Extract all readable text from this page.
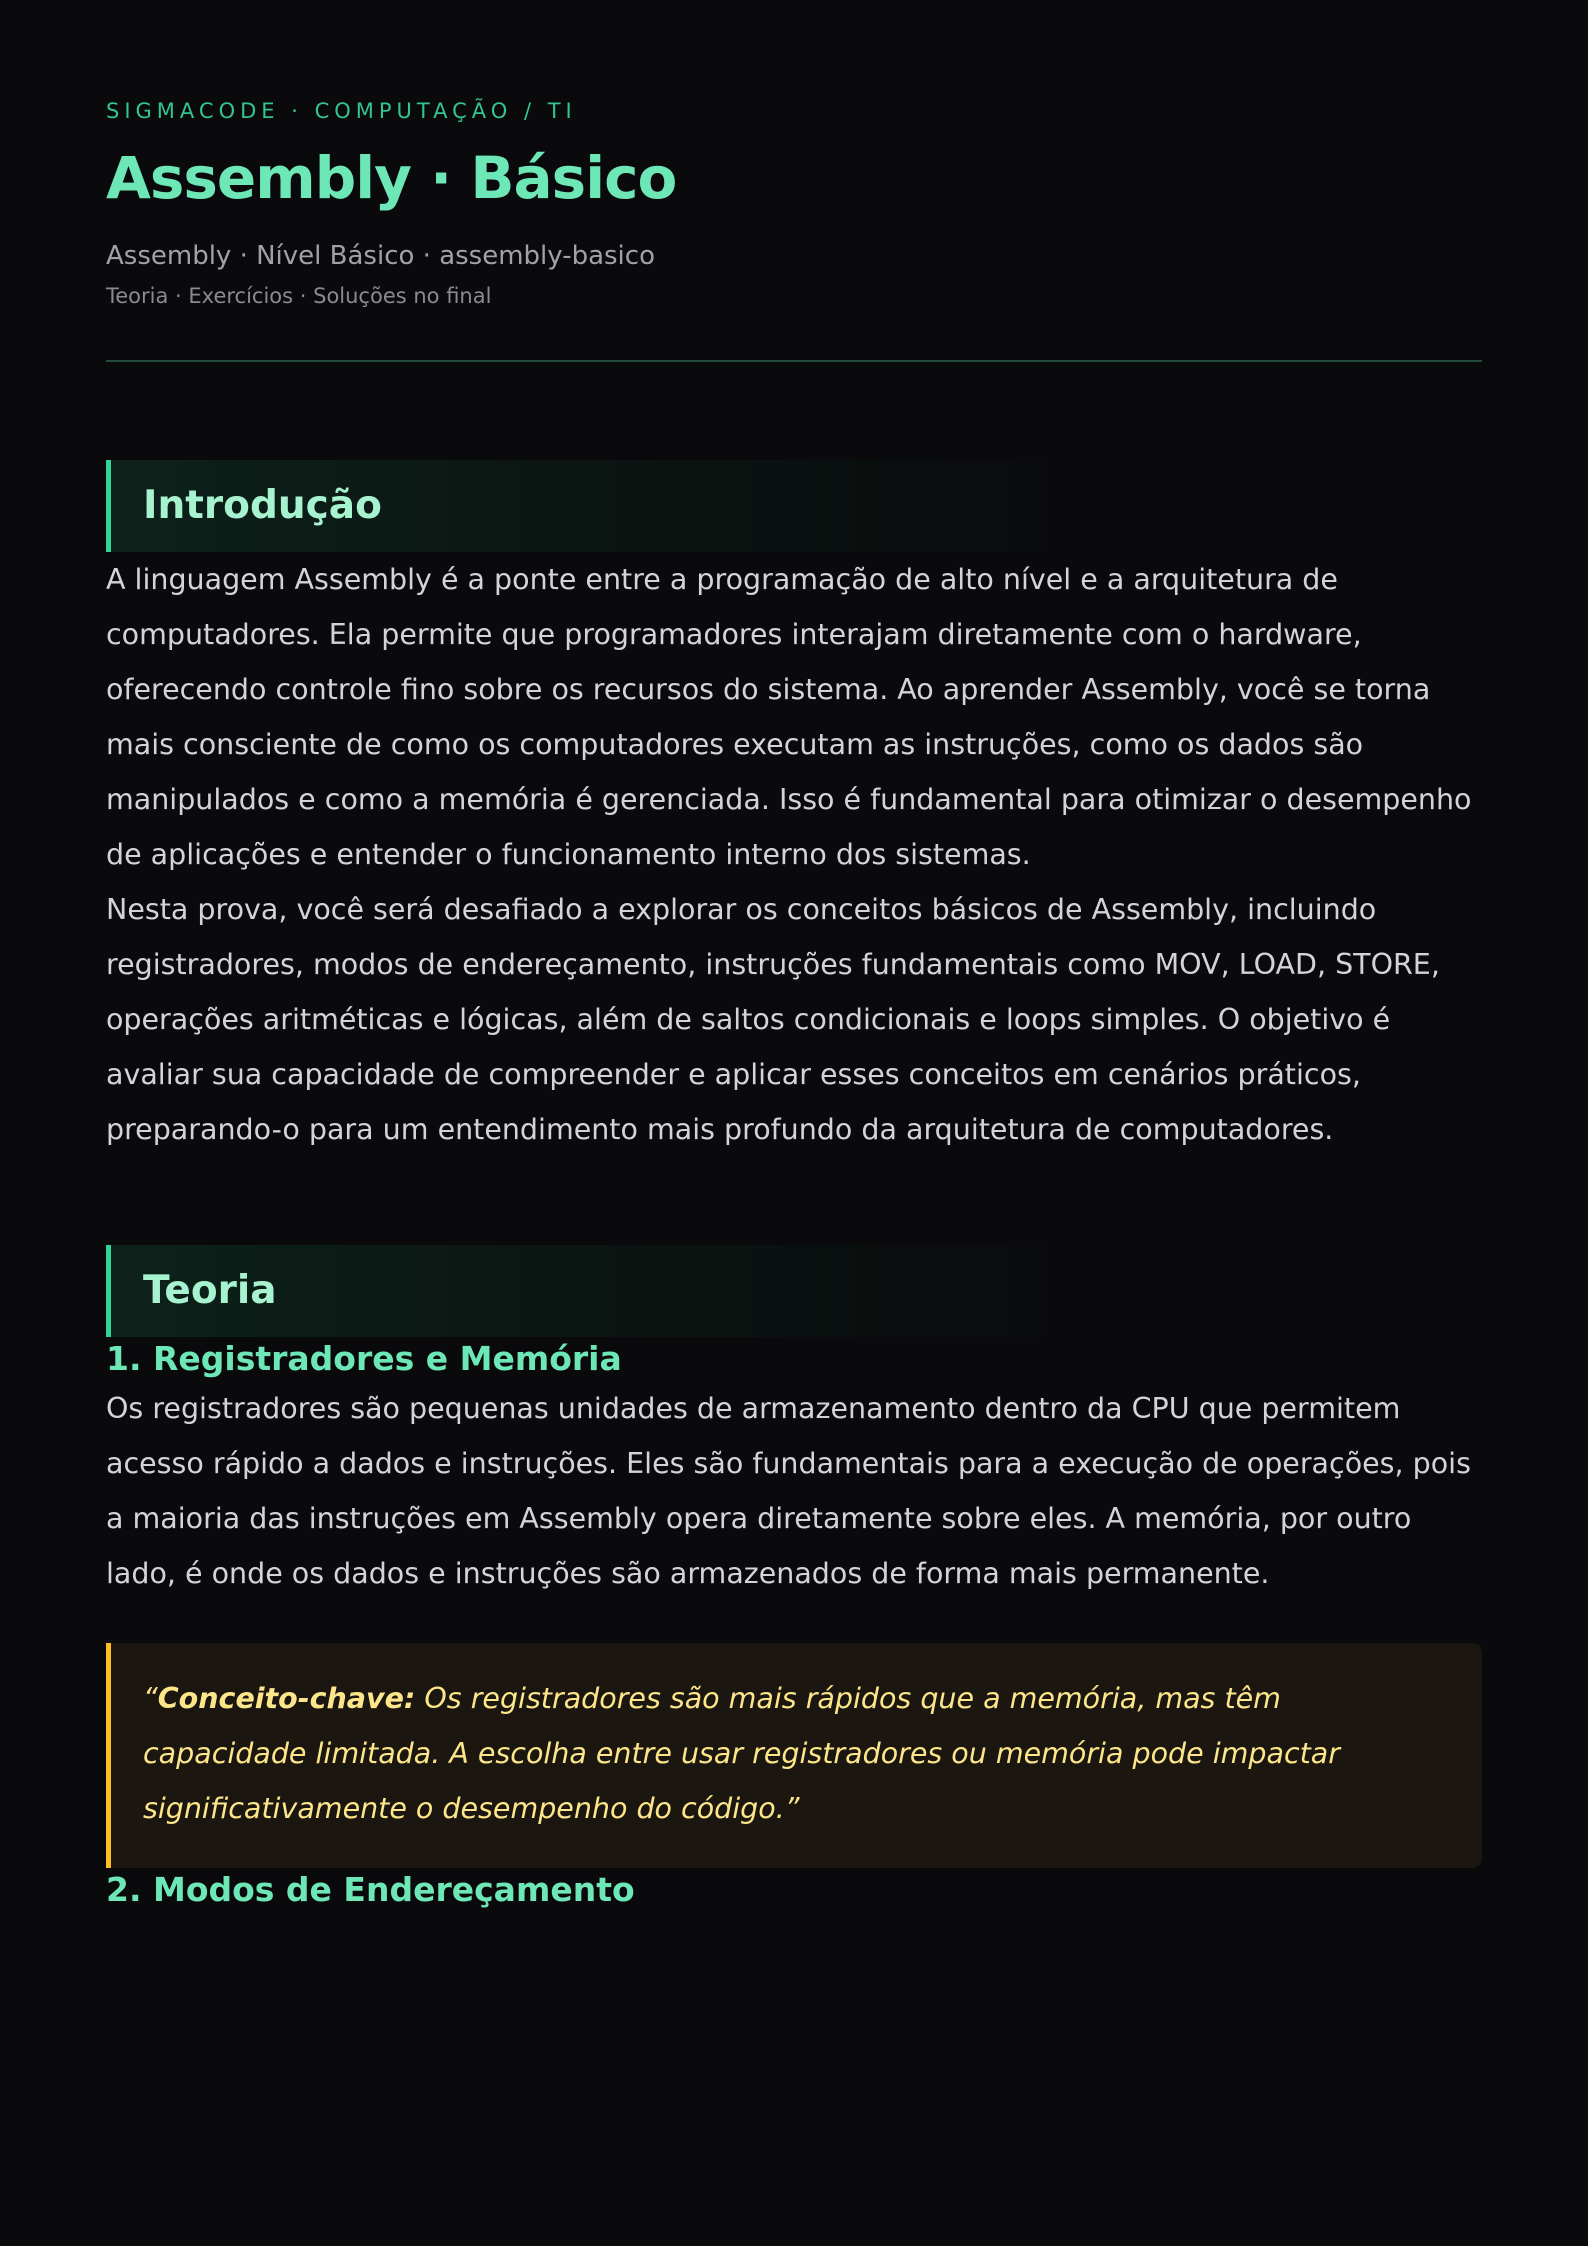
SIGMACODE · COMPUTAÇÃO / TI

Assembly · Básico

Assembly · Nível Básico · assembly-basico

Teoria · Exercícios · Soluções no final

Introdução

A linguagem Assembly é a ponte entre a programação de alto nível e a arquitetura de computadores. Ela permite que programadores interajam diretamente com o hardware, oferecendo controle fino sobre os recursos do sistema. Ao aprender Assembly, você se torna mais consciente de como os computadores executam as instruções, como os dados são manipulados e como a memória é gerenciada. Isso é fundamental para otimizar o desempenho de aplicações e entender o funcionamento interno dos sistemas.

Nesta prova, você será desafiado a explorar os conceitos básicos de Assembly, incluindo registradores, modos de endereçamento, instruções fundamentais como MOV, LOAD, STORE, operações aritméticas e lógicas, além de saltos condicionais e loops simples. O objetivo é avaliar sua capacidade de compreender e aplicar esses conceitos em cenários práticos, preparando-o para um entendimento mais profundo da arquitetura de computadores.

Teoria
1. Registradores e Memória

Os registradores são pequenas unidades de armazenamento dentro da CPU que permitem acesso rápido a dados e instruções. Eles são fundamentais para a execução de operações, pois a maioria das instruções em Assembly opera diretamente sobre eles. A memória, por outro lado, é onde os dados e instruções são armazenados de forma mais permanente.

“Conceito-chave: Os registradores são mais rápidos que a memória, mas têm capacidade limitada. A escolha entre usar registradores ou memória pode impactar significativamente o desempenho do código.”

2. Modos de Endereçamento
